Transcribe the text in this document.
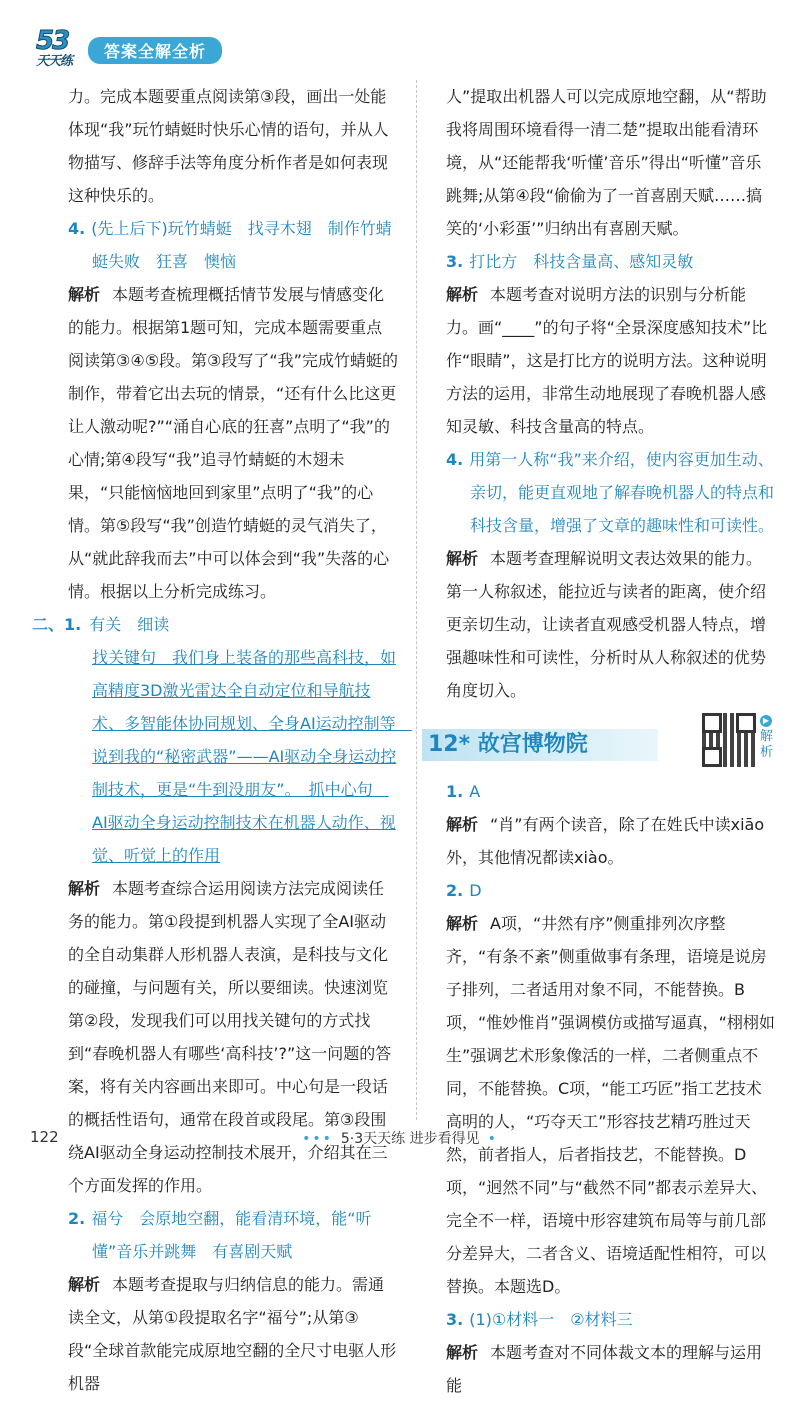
53
天天练
答案全解全析

力。完成本题要重点阅读第③段，画出一处能体现“我”玩竹蜻蜓时快乐心情的语句，并从人物描写、修辞手法等角度分析作者是如何表现这种快乐的。

4. (先上后下)玩竹蜻蜓　找寻木翅　制作竹蜻蜓失败　狂喜　懊恼

解析 本题考查梳理概括情节发展与情感变化的能力。根据第1题可知，完成本题需要重点阅读第③④⑤段。第③段写了“我”完成竹蜻蜓的制作，带着它出去玩的情景，“还有什么比这更让人激动呢?”“涌自心底的狂喜”点明了“我”的心情;第④段写“我”追寻竹蜻蜓的木翅未果，“只能恼恼地回到家里”点明了“我”的心情。第⑤段写“我”创造竹蜻蜓的灵气消失了，从“就此辞我而去”中可以体会到“我”失落的心情。根据以上分析完成练习。

二、1. 有关　细读

找关键句　我们身上装备的那些高科技，如高精度3D激光雷达全自动定位和导航技术、多智能体协同规划、全身AI运动控制等　说到我的“秘密武器”——AI驱动全身运动控制技术，更是“牛到没朋友”。　抓中心句　AI驱动全身运动控制技术在机器人动作、视觉、听觉上的作用

解析 本题考查综合运用阅读方法完成阅读任务的能力。第①段提到机器人实现了全AI驱动的全自动集群人形机器人表演，是科技与文化的碰撞，与问题有关，所以要细读。快速浏览第②段，发现我们可以用找关键句的方式找到“春晚机器人有哪些‘高科技’?”这一问题的答案，将有关内容画出来即可。中心句是一段话的概括性语句，通常在段首或段尾。第③段围绕AI驱动全身运动控制技术展开，介绍其在三个方面发挥的作用。

2. 福兮　会原地空翻，能看清环境，能“听懂”音乐并跳舞　有喜剧天赋

解析 本题考查提取与归纳信息的能力。需通读全文，从第①段提取名字“福兮”;从第③段“全球首款能完成原地空翻的全尺寸电驱人形机器

人”提取出机器人可以完成原地空翻，从“帮助我将周围环境看得一清二楚”提取出能看清环境，从“还能帮我‘听懂’音乐”得出“听懂”音乐跳舞;从第④段“偷偷为了一首喜剧天赋……搞笑的‘小彩蛋’”归纳出有喜剧天赋。

3. 打比方　科技含量高、感知灵敏

解析 本题考查对说明方法的识别与分析能力。画“____”的句子将“全景深度感知技术”比作“眼睛”，这是打比方的说明方法。这种说明方法的运用，非常生动地展现了春晚机器人感知灵敏、科技含量高的特点。

4. 用第一人称“我”来介绍，使内容更加生动、亲切，能更直观地了解春晚机器人的特点和科技含量，增强了文章的趣味性和可读性。

解析 本题考查理解说明文表达效果的能力。第一人称叙述，能拉近与读者的距离，使介绍更亲切生动，让读者直观感受机器人特点，增强趣味性和可读性，分析时从人称叙述的优势角度切入。

12* 故宫博物院
▶
解析

1. A

解析 “肖”有两个读音，除了在姓氏中读xiāo外，其他情况都读xiào。

2. D

解析 A项，“井然有序”侧重排列次序整齐，“有条不紊”侧重做事有条理，语境是说房子排列，二者适用对象不同，不能替换。B项，“惟妙惟肖”强调模仿或描写逼真，“栩栩如生”强调艺术形象像活的一样，二者侧重点不同，不能替换。C项，“能工巧匠”指工艺技术高明的人，“巧夺天工”形容技艺精巧胜过天然，前者指人，后者指技艺，不能替换。D项，“迥然不同”与“截然不同”都表示差异大、完全不一样，语境中形容建筑布局等与前几部分差异大，二者含义、语境适配性相符，可以替换。本题选D。

3. (1)①材料一　②材料三

解析 本题考查对不同体裁文本的理解与运用能

122	••• 5·3天天练 进步看得见 •
